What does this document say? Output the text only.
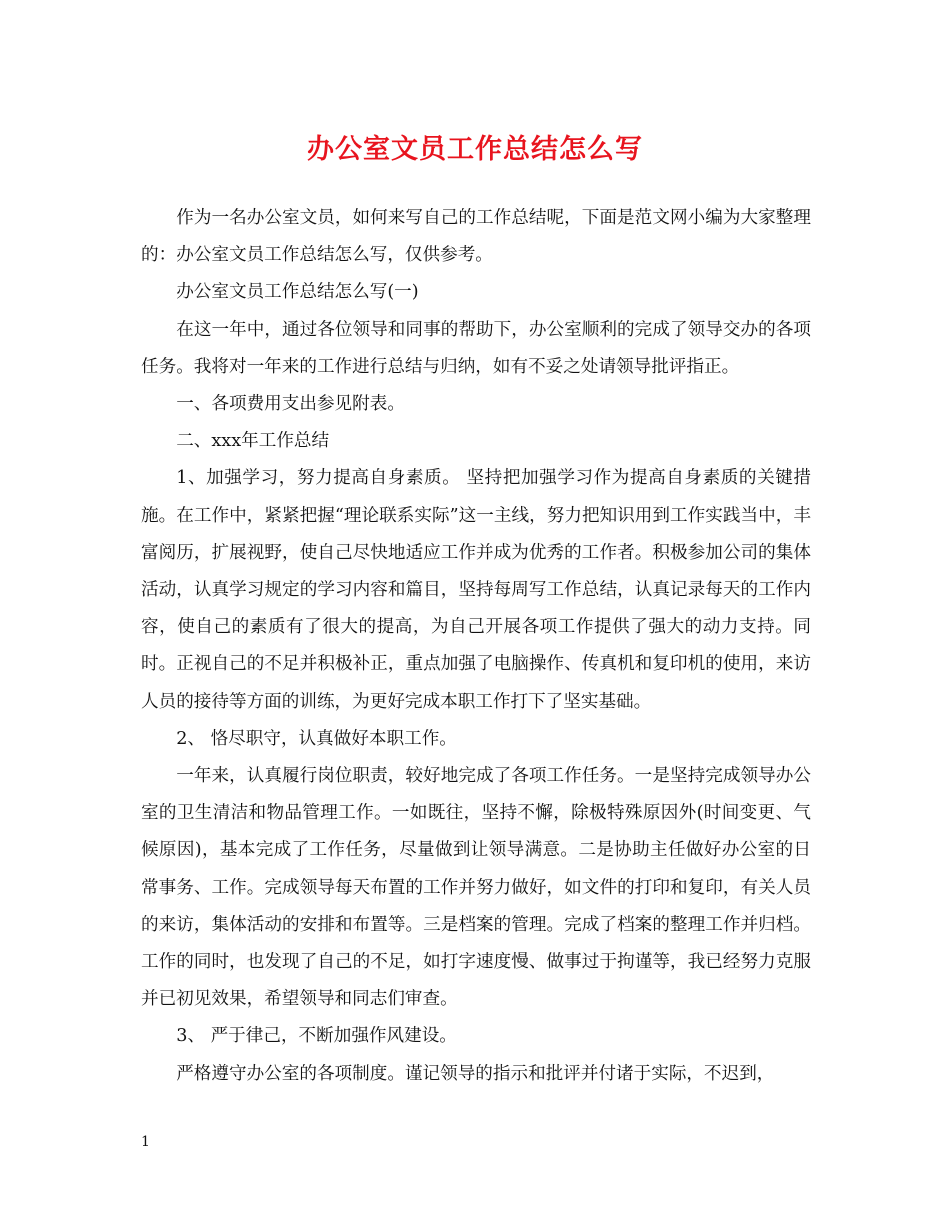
办公室文员工作总结怎么写

作为一名办公室文员，如何来写自己的工作总结呢，下面是范文网小编为大家整理的：办公室文员工作总结怎么写，仅供参考。

办公室文员工作总结怎么写(一)

在这一年中，通过各位领导和同事的帮助下，办公室顺利的完成了领导交办的各项任务。我将对一年来的工作进行总结与归纳，如有不妥之处请领导批评指正。

一、各项费用支出参见附表。

二、xxx年工作总结

1、加强学习，努力提高自身素质。 坚持把加强学习作为提高自身素质的关键措施。在工作中，紧紧把握“理论联系实际”这一主线，努力把知识用到工作实践当中，丰富阅历，扩展视野，使自己尽快地适应工作并成为优秀的工作者。积极参加公司的集体活动，认真学习规定的学习内容和篇目，坚持每周写工作总结，认真记录每天的工作内容，使自己的素质有了很大的提高，为自己开展各项工作提供了强大的动力支持。同时。正视自己的不足并积极补正，重点加强了电脑操作、传真机和复印机的使用，来访人员的接待等方面的训练，为更好完成本职工作打下了坚实基础。

2、 恪尽职守，认真做好本职工作。

一年来，认真履行岗位职责，较好地完成了各项工作任务。一是坚持完成领导办公室的卫生清洁和物品管理工作。一如既往，坚持不懈，除极特殊原因外(时间变更、气候原因)，基本完成了工作任务，尽量做到让领导满意。二是协助主任做好办公室的日常事务、工作。完成领导每天布置的工作并努力做好，如文件的打印和复印，有关人员的来访，集体活动的安排和布置等。三是档案的管理。完成了档案的整理工作并归档。工作的同时，也发现了自己的不足，如打字速度慢、做事过于拘谨等，我已经努力克服并已初见效果，希望领导和同志们审查。

3、 严于律己，不断加强作风建设。

严格遵守办公室的各项制度。谨记领导的指示和批评并付诸于实际，不迟到，

1
